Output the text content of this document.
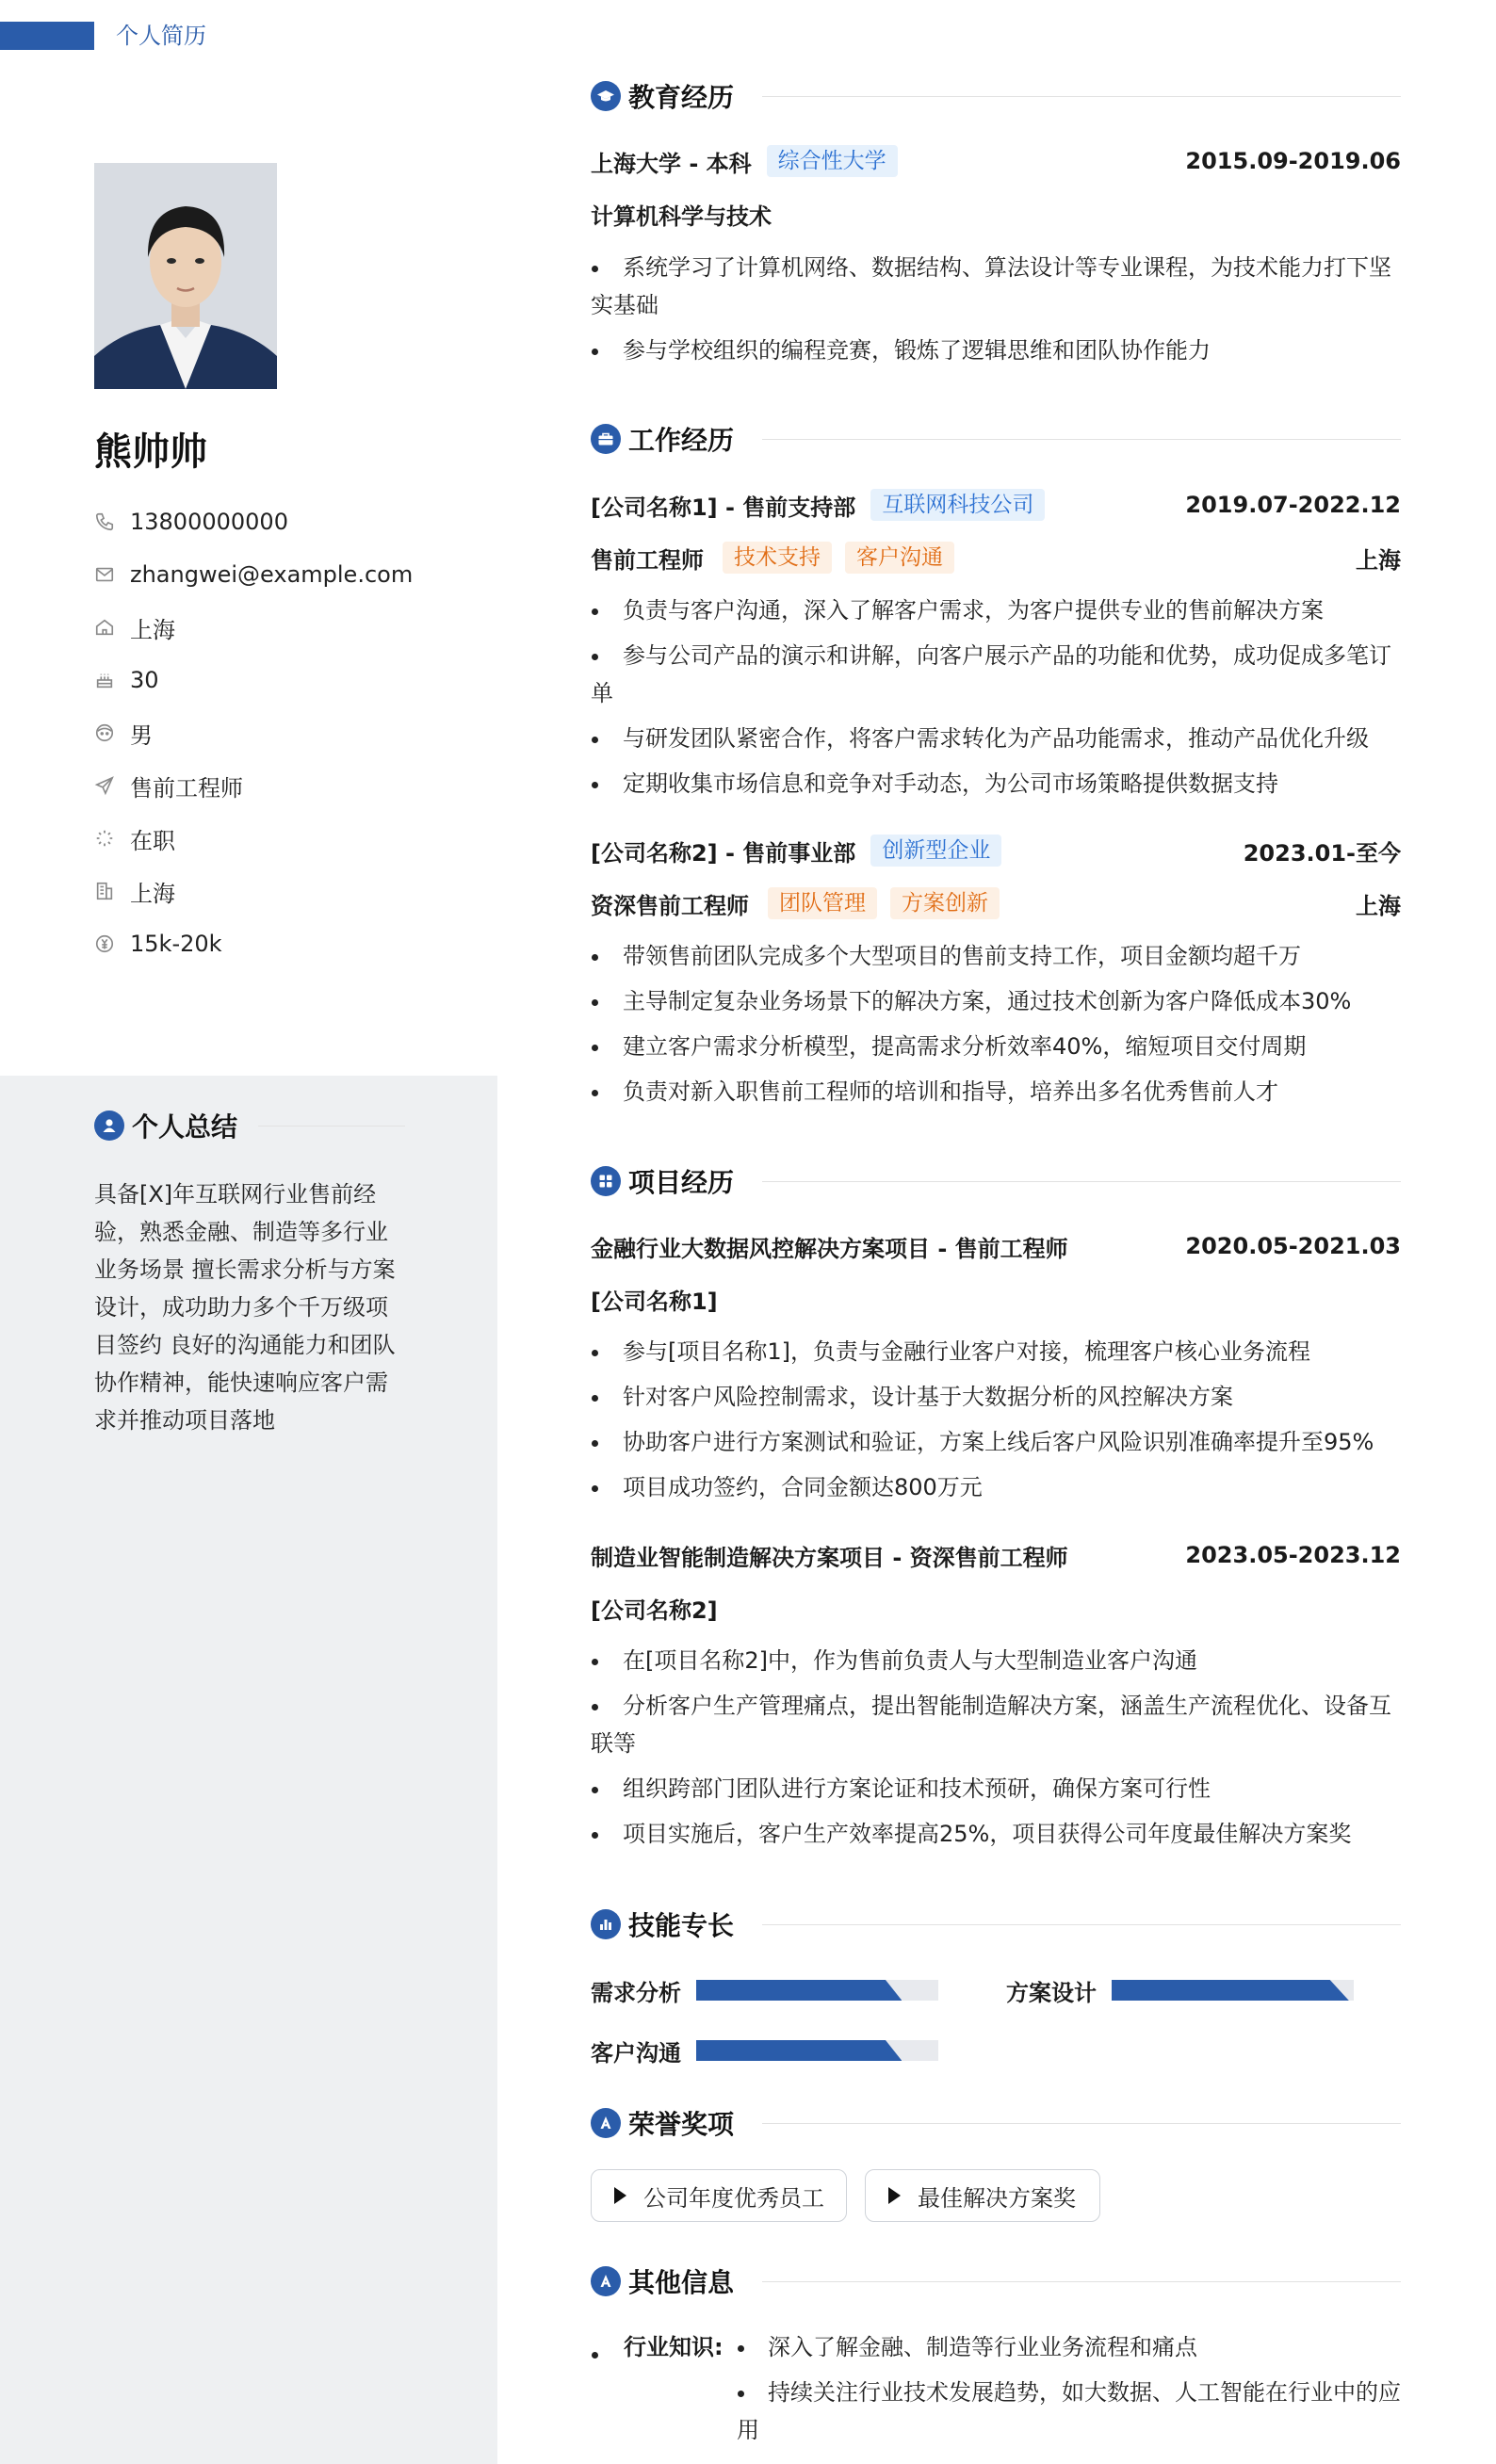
个人简历
熊帅帅
13800000000
zhangwei@example.com
上海
30
男
售前工程师
在职
上海
15k-20k
个人总结
具备[X]年互联网行业售前经验，熟悉金融、制造等多行业业务场景 擅长需求分析与方案设计，成功助力多个千万级项目签约 良好的沟通能力和团队协作精神，能快速响应客户需求并推动项目落地
教育经历
上海大学 - 本科	综合性大学	2015.09-2019.06
计算机科学与技术
系统学习了计算机网络、数据结构、算法设计等专业课程，为技术能力打下坚实基础
参与学校组织的编程竞赛，锻炼了逻辑思维和团队协作能力
工作经历
[公司名称1] - 售前支持部	互联网科技公司	2019.07-2022.12
售前工程师	技术支持	客户沟通	上海
负责与客户沟通，深入了解客户需求，为客户提供专业的售前解决方案
参与公司产品的演示和讲解，向客户展示产品的功能和优势，成功促成多笔订单
与研发团队紧密合作，将客户需求转化为产品功能需求，推动产品优化升级
定期收集市场信息和竞争对手动态，为公司市场策略提供数据支持
[公司名称2] - 售前事业部	创新型企业	2023.01-至今
资深售前工程师	团队管理	方案创新	上海
带领售前团队完成多个大型项目的售前支持工作，项目金额均超千万
主导制定复杂业务场景下的解决方案，通过技术创新为客户降低成本30%
建立客户需求分析模型，提高需求分析效率40%，缩短项目交付周期
负责对新入职售前工程师的培训和指导，培养出多名优秀售前人才
项目经历
金融行业大数据风控解决方案项目 - 售前工程师	2020.05-2021.03
[公司名称1]
参与[项目名称1]，负责与金融行业客户对接，梳理客户核心业务流程
针对客户风险控制需求，设计基于大数据分析的风控解决方案
协助客户进行方案测试和验证，方案上线后客户风险识别准确率提升至95%
项目成功签约，合同金额达800万元
制造业智能制造解决方案项目 - 资深售前工程师	2023.05-2023.12
[公司名称2]
在[项目名称2]中，作为售前负责人与大型制造业客户沟通
分析客户生产管理痛点，提出智能制造解决方案，涵盖生产流程优化、设备互联等
组织跨部门团队进行方案论证和技术预研，确保方案可行性
项目实施后，客户生产效率提高25%，项目获得公司年度最佳解决方案奖
技能专长
需求分析	方案设计
客户沟通
荣誉奖项
公司年度优秀员工	最佳解决方案奖
其他信息
行业知识:	深入了解金融、制造等行业业务流程和痛点
持续关注行业技术发展趋势，如大数据、人工智能在行业中的应用
